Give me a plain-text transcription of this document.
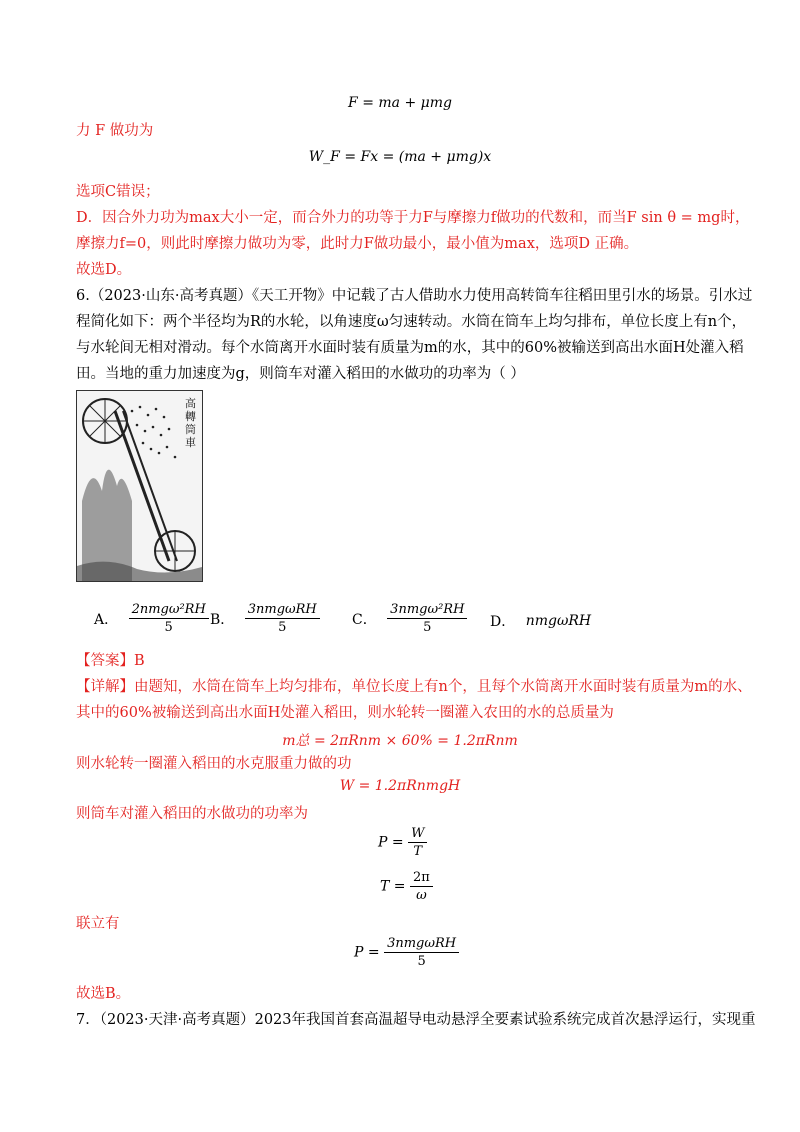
F = ma + μmg
力 F 做功为
W_F = Fx = (ma + μmg)x
选项C错误；
D．因合外力功为max大小一定，而合外力的功等于力F与摩擦力f做功的代数和，而当F sin θ = mg时，
摩擦力f=0，则此时摩擦力做功为零，此时力F做功最小，最小值为max，选项D 正确。
故选D。
6.（2023·山东·高考真题）《天工开物》中记载了古人借助水力使用高转筒车往稻田里引水的场景。引水过
程简化如下：两个半径均为R的水轮，以角速度ω匀速转动。水筒在筒车上均匀排布，单位长度上有n个，
与水轮间无相对滑动。每个水筒离开水面时装有质量为m的水，其中的60%被输送到高出水面H处灌入稻
田。当地的重力加速度为g，则筒车对灌入稻田的水做功的功率为（ ）
高
轉
筒
車
A． $\frac{\text{2nmgω²RH}}{5}$ B． $\frac{\text{3nmgωRH}}{5}$ C． $\frac{\text{3nmgω²RH}}{5}$ D． nmgωRH
【答案】B
【详解】由题知，水筒在筒车上均匀排布，单位长度上有n个，且每个水筒离开水面时装有质量为m的水、
其中的60%被输送到高出水面H处灌入稻田，则水轮转一圈灌入农田的水的总质量为
m总 = 2πRnm × 60% = 1.2πRnm
则水轮转一圈灌入稻田的水克服重力做的功
W = 1.2πRnmgH
则筒车对灌入稻田的水做功的功率为
$P = \frac{W}{T}$
$T = \frac{2\pi}{\omega}$
联立有
$P = \frac{\text{3nmgωRH}}{5}$
故选B。
7．（2023·天津·高考真题）2023年我国首套高温超导电动悬浮全要素试验系统完成首次悬浮运行，实现重
